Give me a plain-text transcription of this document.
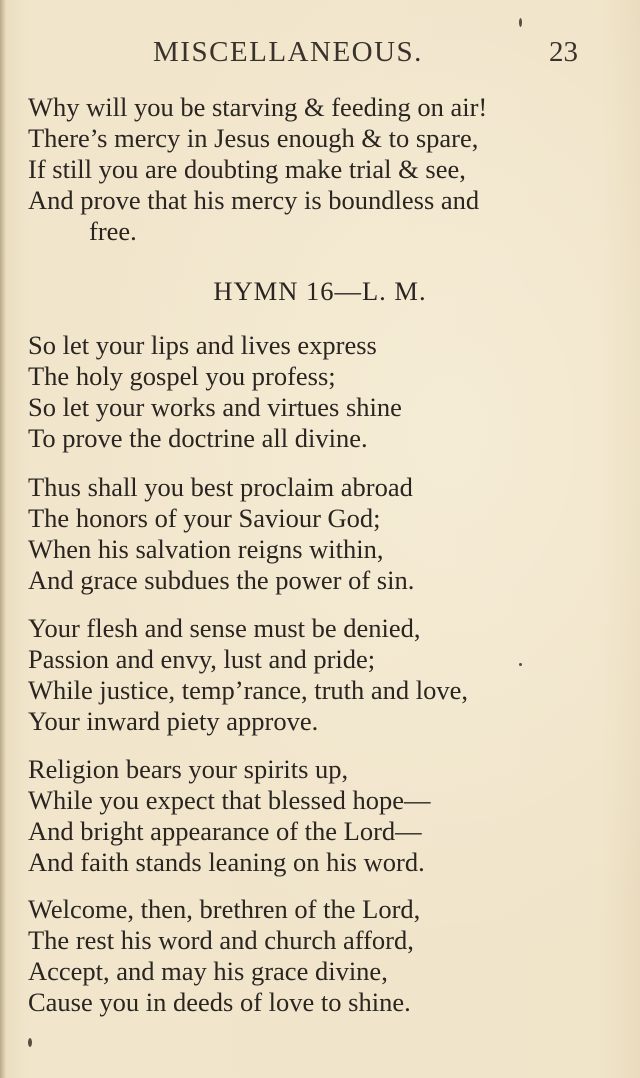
MISCELLANEOUS.	23
Why will you be starving & feeding on air!
There’s mercy in Jesus enough & to spare,
If still you are doubting make trial & see,
And prove that his mercy is boundless and
free.
HYMN 16—L. M.
So let your lips and lives express
The holy gospel you profess;
So let your works and virtues shine
To prove the doctrine all divine.
Thus shall you best proclaim abroad
The honors of your Saviour God;
When his salvation reigns within,
And grace subdues the power of sin.
Your flesh and sense must be denied,
Passion and envy, lust and pride;
While justice, temp’rance, truth and love,
Your inward piety approve.
Religion bears your spirits up,
While you expect that blessed hope—
And bright appearance of the Lord—
And faith stands leaning on his word.
Welcome, then, brethren of the Lord,
The rest his word and church afford,
Accept, and may his grace divine,
Cause you in deeds of love to shine.
